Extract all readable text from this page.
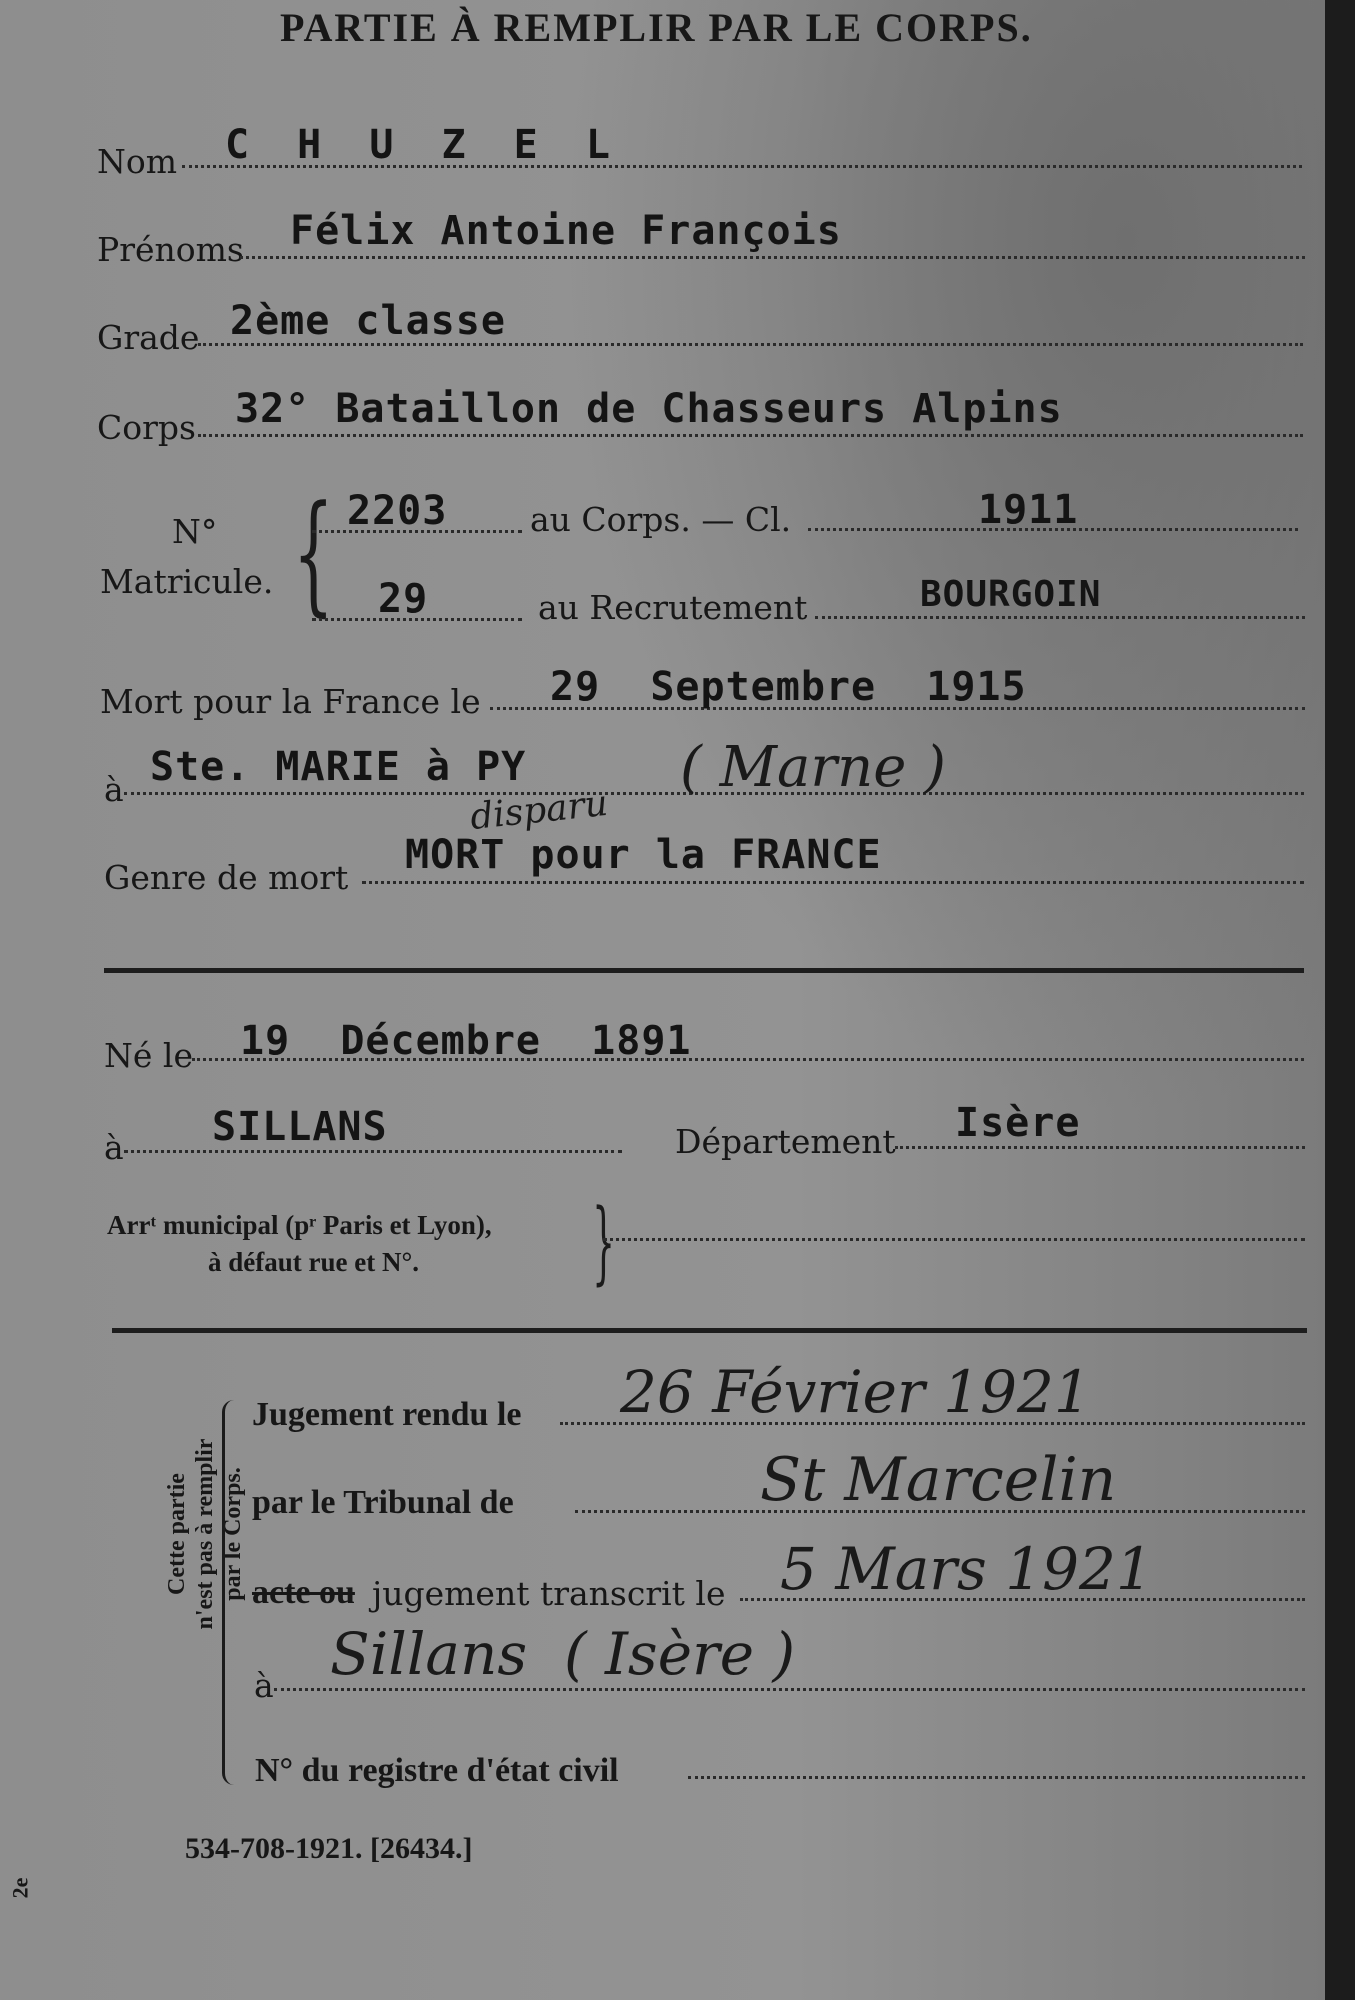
PARTIE À REMPLIR PAR LE CORPS.
Nom C H U Z E L
Prénoms Félix Antoine François
Grade 2ème classe
Corps 32° Bataillon de Chasseurs Alpins
N°
Matricule. { 2203	au Corps. — Cl.	1911
29	au Recrutement	BOURGOIN
Mort pour la France le 29  Septembre  1915
à Ste. MARIE à PY	( Marne )
disparu
Genre de mort MORT pour la FRANCE
Né le 19  Décembre  1891
à SILLANS	Département Isère
Arrᵗ municipal (pʳ Paris et Lyon),
à défaut rue et N°. }
Cette partie n'est pas à remplir par le Corps.
Jugement rendu le 26 Février 1921
par le Tribunal de	St Marcelin
acte ou jugement transcrit le 5 Mars 1921
à Sillans  ( Isère )
N° du registre d'état civil
534-708-1921. [26434.]
2e
